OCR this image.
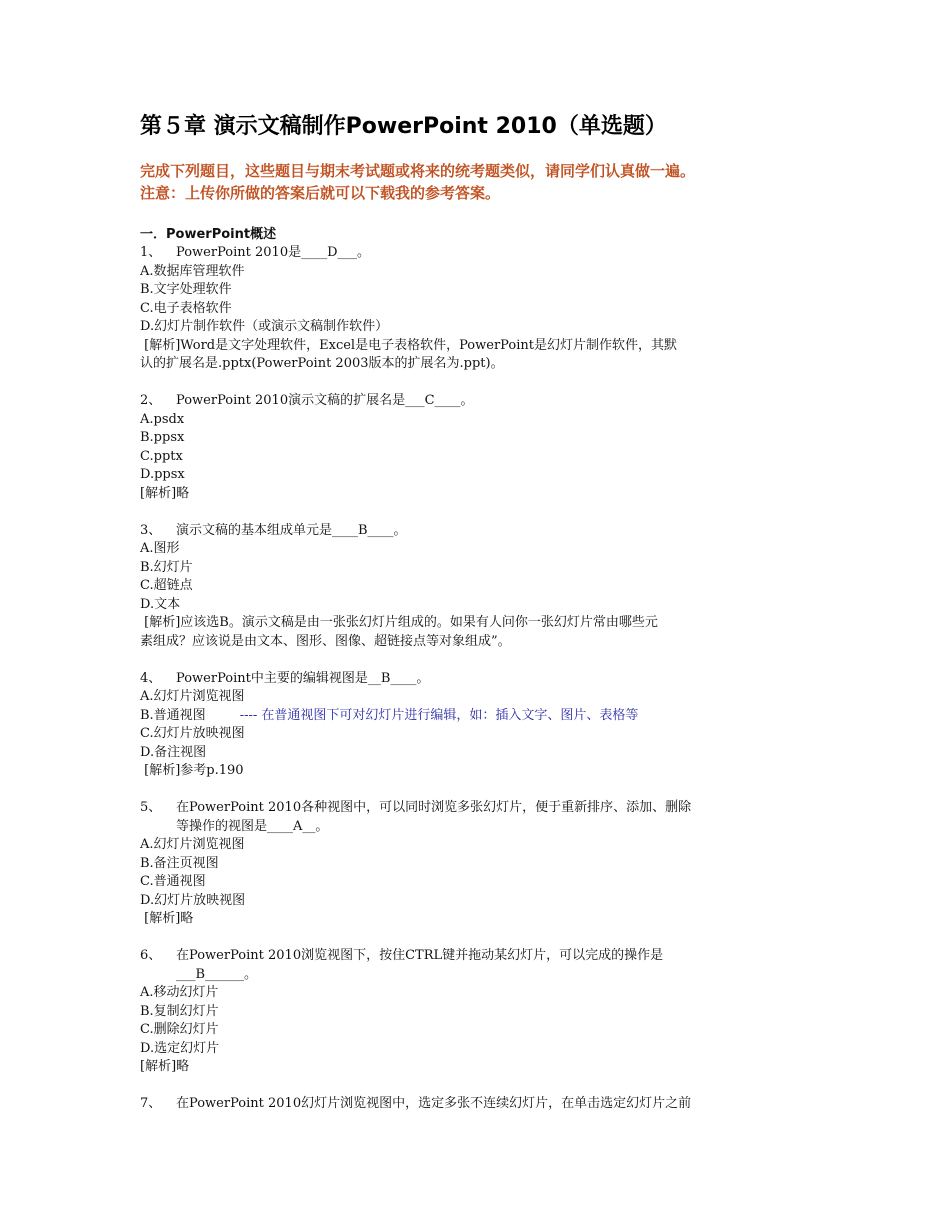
第５章 演示文稿制作PowerPoint 2010（单选题）
完成下列题目，这些题目与期末考试题或将来的统考题类似，请同学们认真做一遍。
注意：上传你所做的答案后就可以下载我的参考答案。
一．PowerPoint概述
1、 PowerPoint 2010是____D___。
A.数据库管理软件
B.文字处理软件
C.电子表格软件
D.幻灯片制作软件（或演示文稿制作软件）
[解析]Word是文字处理软件，Excel是电子表格软件，PowerPoint是幻灯片制作软件，其默
认的扩展名是.pptx(PowerPoint 2003版本的扩展名为.ppt)。
2、 PowerPoint 2010演示文稿的扩展名是___C____。
A.psdx
B.ppsx
C.pptx
D.ppsx
[解析]略
3、 演示文稿的基本组成单元是____B____。
A.图形
B.幻灯片
C.超链点
D.文本
[解析]应该选B。演示文稿是由一张张幻灯片组成的。如果有人问你一张幻灯片常由哪些元
素组成？应该说是由文本、图形、图像、超链接点等对象组成”。
4、 PowerPoint中主要的编辑视图是__B____。
A.幻灯片浏览视图
B.普通视图	---- 在普通视图下可对幻灯片进行编辑，如：插入文字、图片、表格等
C.幻灯片放映视图
D.备注视图
[解析]参考p.190
5、 在PowerPoint 2010各种视图中，可以同时浏览多张幻灯片，便于重新排序、添加、删除
等操作的视图是____A__。
A.幻灯片浏览视图
B.备注页视图
C.普通视图
D.幻灯片放映视图
[解析]略
6、 在PowerPoint 2010浏览视图下，按住CTRL键并拖动某幻灯片，可以完成的操作是
___B______。
A.移动幻灯片
B.复制幻灯片
C.删除幻灯片
D.选定幻灯片
[解析]略
7、 在PowerPoint 2010幻灯片浏览视图中，选定多张不连续幻灯片，在单击选定幻灯片之前
